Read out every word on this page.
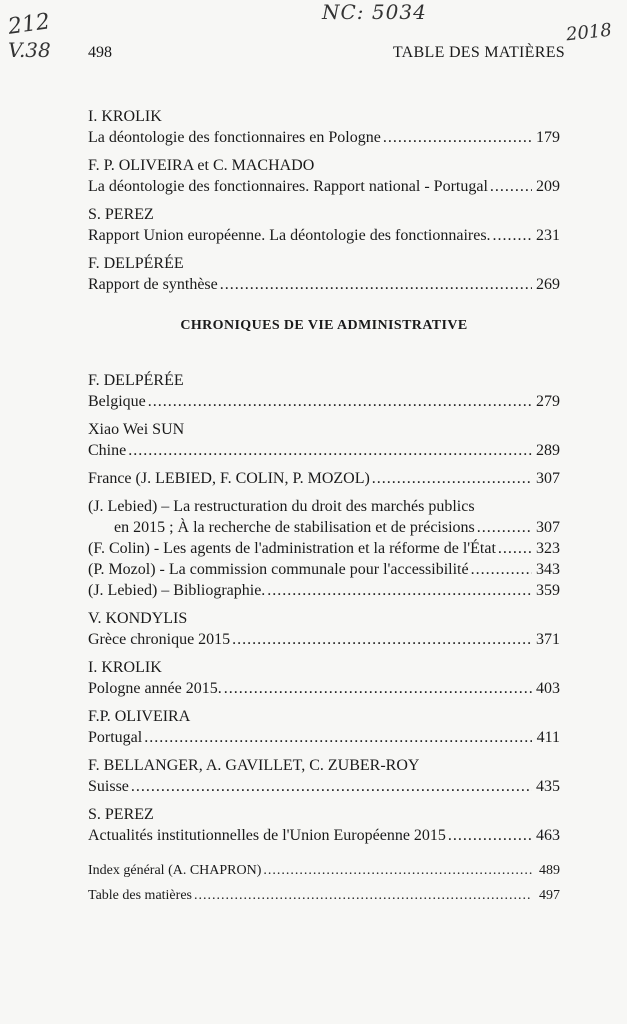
212
V.38
NC: 5034
2018
498	TABLE DES MATIÈRES
I. KROLIK
La déontologie des fonctionnaires en Pologne .....	179
F. P. OLIVEIRA et C. MACHADO
La déontologie des fonctionnaires. Rapport national - Portugal .....	209
S. PEREZ
Rapport Union européenne. La déontologie des fonctionnaires. .....	231
F. DELPÉRÉE
Rapport de synthèse .....	269
CHRONIQUES DE VIE ADMINISTRATIVE
F. DELPÉRÉE
Belgique .....	279
Xiao Wei SUN
Chine .....	289
France (J. LEBIED, F. COLIN, P. MOZOL) .....	307
(J. Lebied) – La restructuration du droit des marchés publics
en 2015 ; À la recherche de stabilisation et de précisions .....	307
(F. Colin) - Les agents de l'administration et la réforme de l'État .....	323
(P. Mozol) - La commission communale pour l'accessibilité .....	343
(J. Lebied) – Bibliographie. .....	359
V. KONDYLIS
Grèce chronique 2015 .....	371
I. KROLIK
Pologne année 2015. .....	403
F.P. OLIVEIRA
Portugal .....	411
F. BELLANGER, A. GAVILLET, C. ZUBER-ROY
Suisse .....	435
S. PEREZ
Actualités institutionnelles de l'Union Européenne 2015 .....	463
Index général (A. CHAPRON) .....	489
Table des matières .....	497
